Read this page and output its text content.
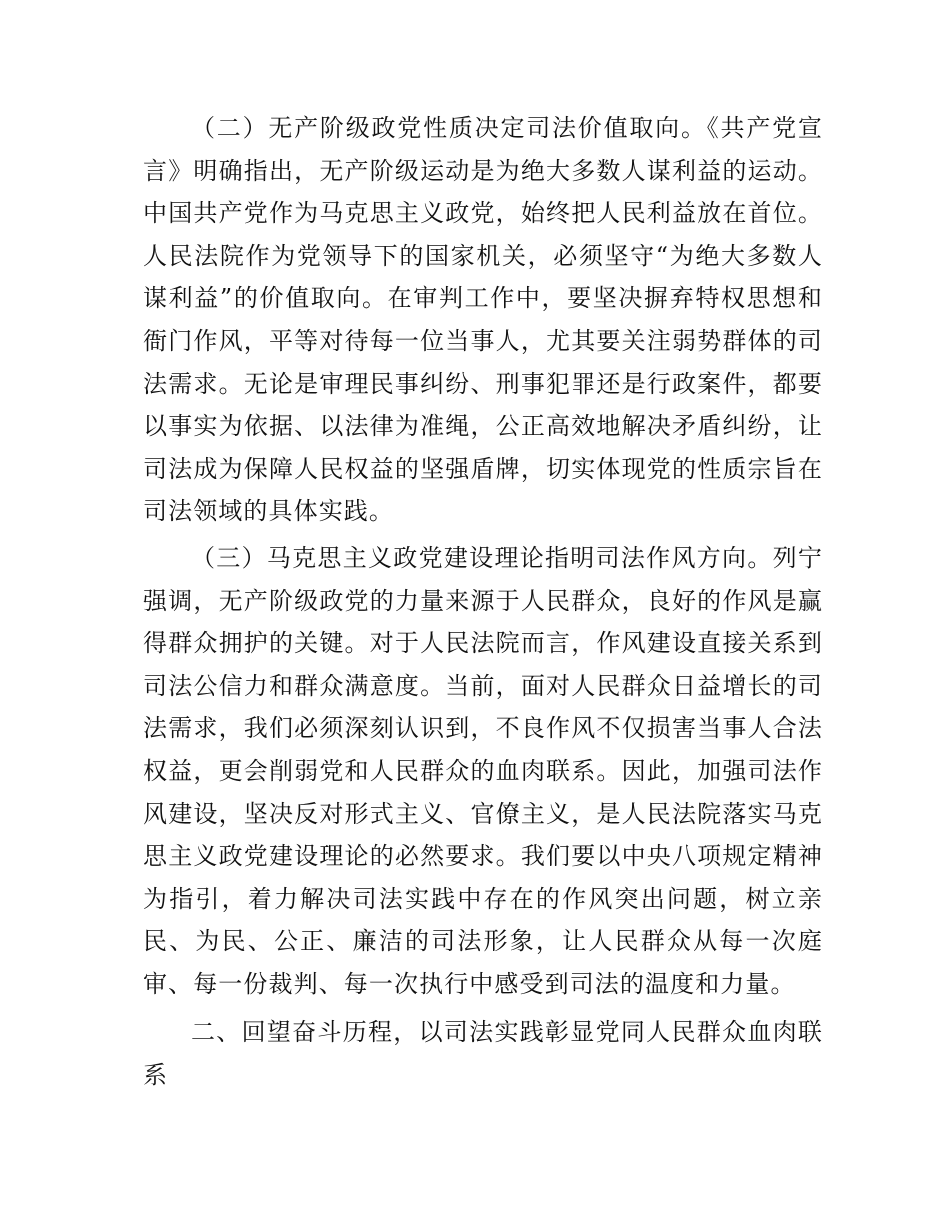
（二）无产阶级政党性质决定司法价值取向。《共产党宣言》明确指出，无产阶级运动是为绝大多数人谋利益的运动。中国共产党作为马克思主义政党，始终把人民利益放在首位。人民法院作为党领导下的国家机关，必须坚守“为绝大多数人谋利益”的价值取向。在审判工作中，要坚决摒弃特权思想和衙门作风，平等对待每一位当事人，尤其要关注弱势群体的司法需求。无论是审理民事纠纷、刑事犯罪还是行政案件，都要以事实为依据、以法律为准绳，公正高效地解决矛盾纠纷，让司法成为保障人民权益的坚强盾牌，切实体现党的性质宗旨在司法领域的具体实践。

（三）马克思主义政党建设理论指明司法作风方向。列宁强调，无产阶级政党的力量来源于人民群众，良好的作风是赢得群众拥护的关键。对于人民法院而言，作风建设直接关系到司法公信力和群众满意度。当前，面对人民群众日益增长的司法需求，我们必须深刻认识到，不良作风不仅损害当事人合法权益，更会削弱党和人民群众的血肉联系。因此，加强司法作风建设，坚决反对形式主义、官僚主义，是人民法院落实马克思主义政党建设理论的必然要求。我们要以中央八项规定精神为指引，着力解决司法实践中存在的作风突出问题，树立亲民、为民、公正、廉洁的司法形象，让人民群众从每一次庭审、每一份裁判、每一次执行中感受到司法的温度和力量。

二、回望奋斗历程，以司法实践彰显党同人民群众血肉联系
